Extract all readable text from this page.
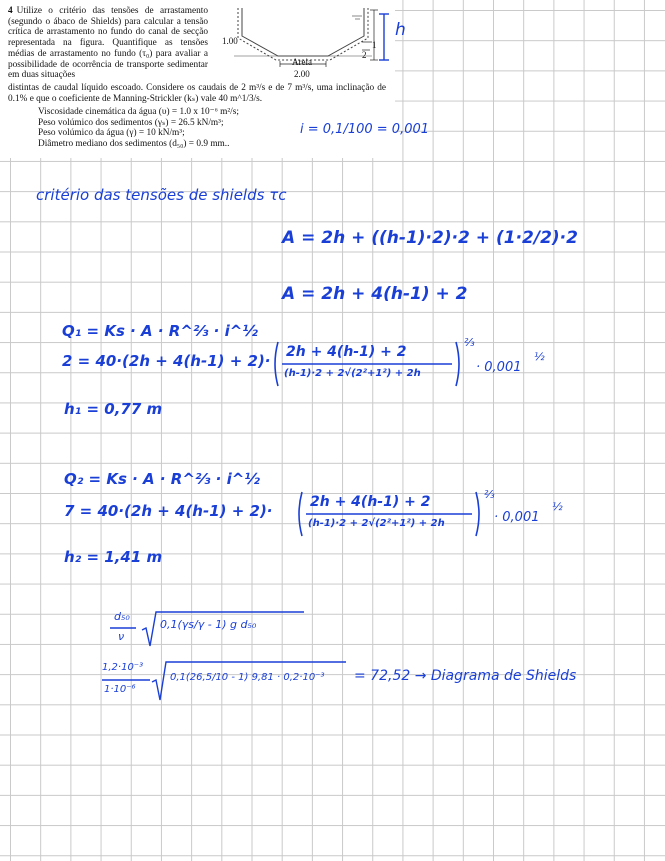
4 Utilize o critério das tensões de arrastamento (segundo o ábaco de Shields) para calcular a tensão crítica de arrastamento no fundo do canal de secção representada na figura. Quantifique as tensões médias de arrastamento no fundo (τ₀) para avaliar a possibilidade de ocorrência de transporte sedimentar em duas situações
distintas de caudal líquido escoado. Considere os caudais de 2 m³/s e de 7 m³/s, uma inclinação de 0.1% e que o coeficiente de Manning-Strickler (kₛ) vale 40 m^1/3/s.
Viscosidade cinemática da água (υ) = 1.0 x 10⁻⁶ m²/s;
Peso volúmico dos sedimentos (γₛ) = 26.5 kN/m³;
Peso volúmico da água (γ) = 10 kN/m³;
Diâmetro mediano dos sedimentos (d₅₀) = 0.9 mm..
1.00	1
2
Areia
2.00
h
i = 0,1/100 = 0,001
critério das tensões de shields τc
A = 2h + ((h-1)·2)·2 + (1·2/2)·2
A = 2h + 4(h-1) + 2
Q₁ = Ks · A · R^⅔ · i^½
2 = 40·(2h + 4(h-1) + 2)· 2h + 4(h-1) + 2
(h-1)·2 + 2√(2²+1²) + 2h
⅔
· 0,001
½
h₁ = 0,77 m
Q₂ = Ks · A · R^⅔ · i^½
7 = 40·(2h + 4(h-1) + 2)·	2h + 4(h-1) + 2
(h-1)·2 + 2√(2²+1²) + 2h
⅔
· 0,001
½
h₂ = 1,41 m
d₅₀
ν
0,1(γs/γ - 1) g d₅₀
1,2·10⁻³
1·10⁻⁶
0,1(26,5/10 - 1) 9,81 · 0,2·10⁻³ = 72,52 → Diagrama de Shields
